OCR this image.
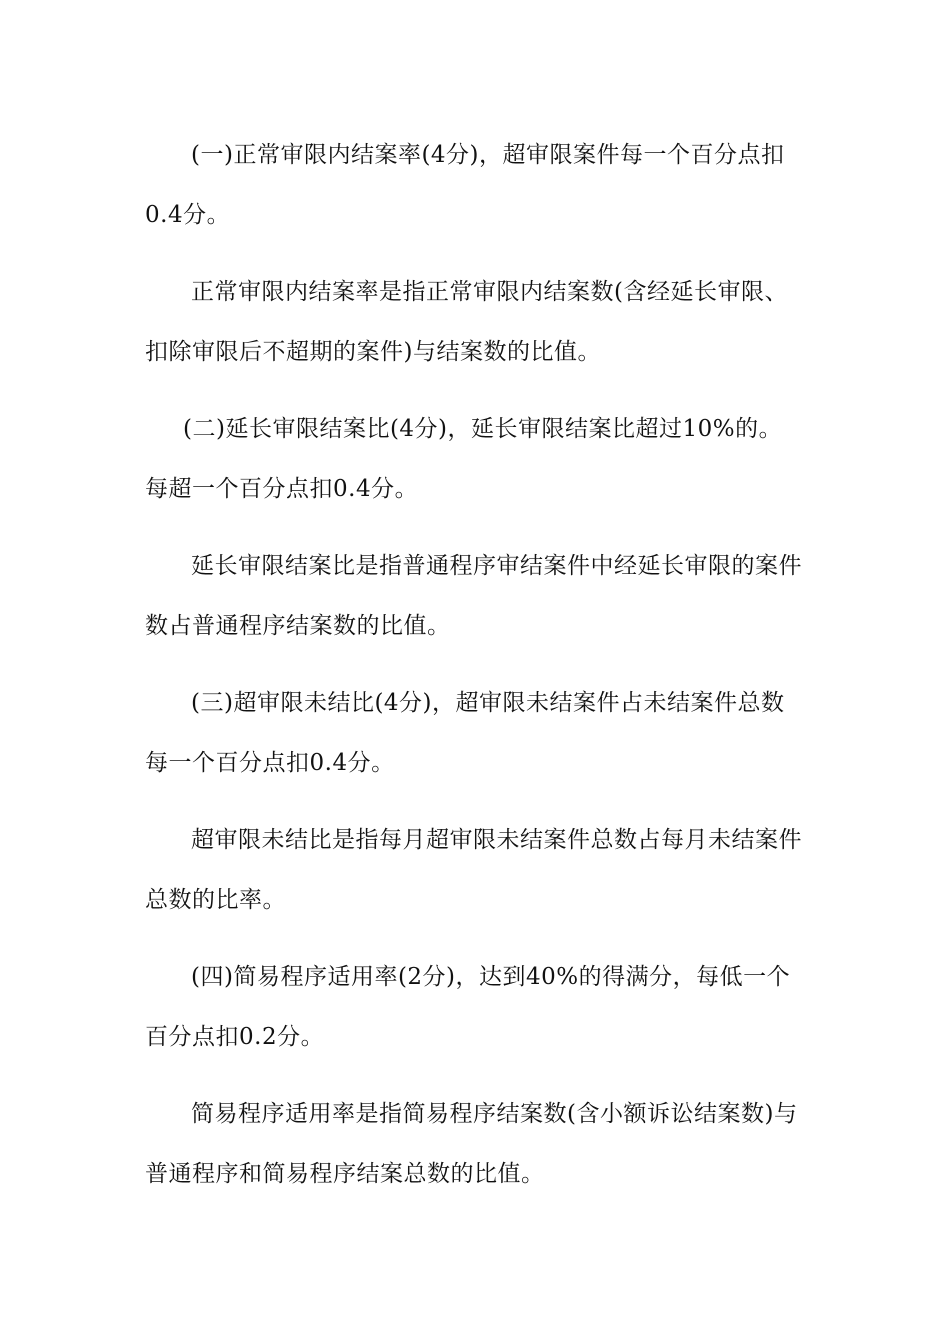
(一)正常审限内结案率(4分)，超审限案件每一个百分点扣0.4分。

正常审限内结案率是指正常审限内结案数(含经延长审限、扣除审限后不超期的案件)与结案数的比值。

(二)延长审限结案比(4分)，延长审限结案比超过10%的。每超一个百分点扣0.4分。

延长审限结案比是指普通程序审结案件中经延长审限的案件数占普通程序结案数的比值。

(三)超审限未结比(4分)，超审限未结案件占未结案件总数每一个百分点扣0.4分。

超审限未结比是指每月超审限未结案件总数占每月未结案件总数的比率。

(四)简易程序适用率(2分)，达到40%的得满分，每低一个百分点扣0.2分。

简易程序适用率是指简易程序结案数(含小额诉讼结案数)与普通程序和简易程序结案总数的比值。
